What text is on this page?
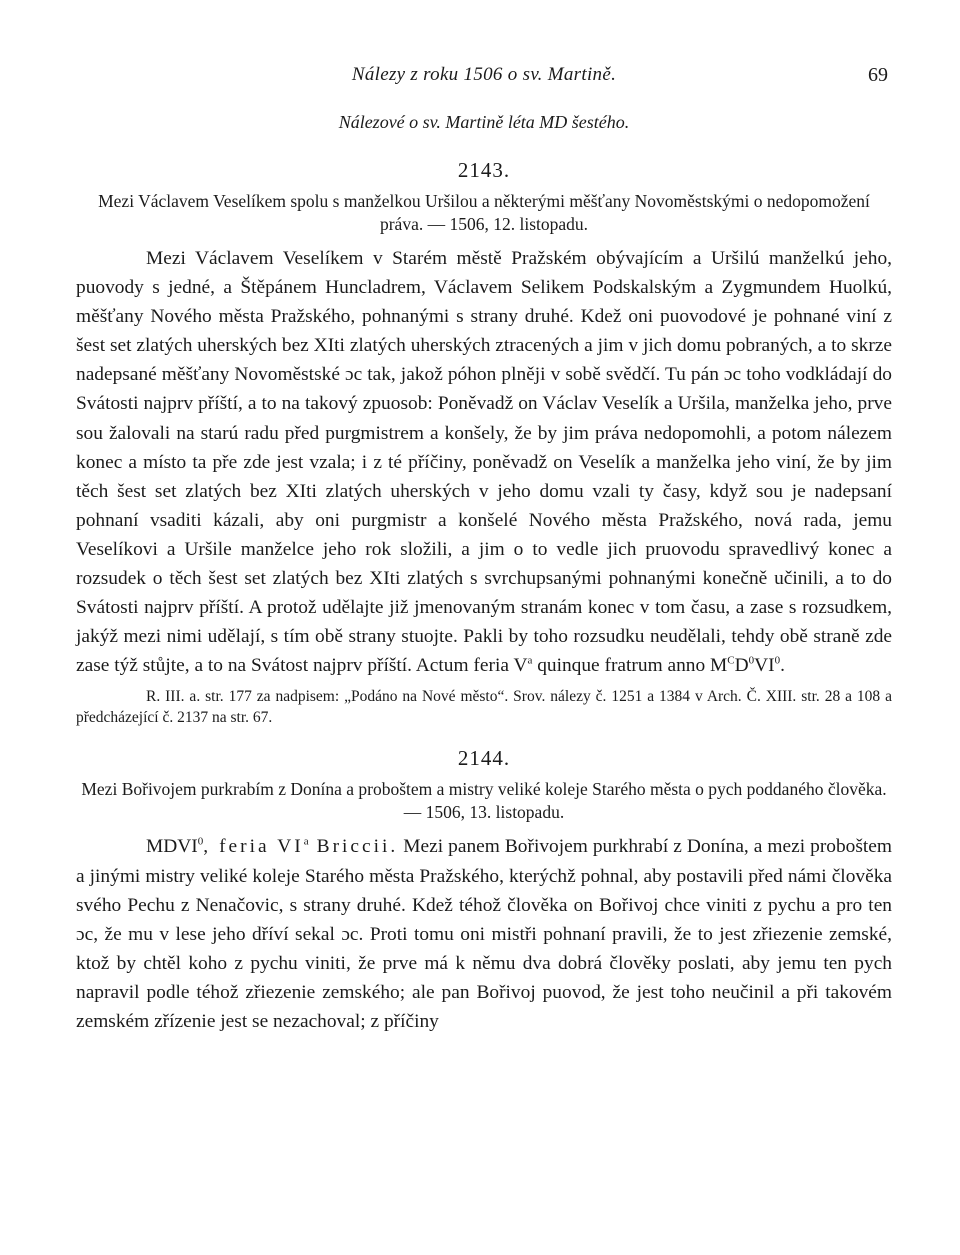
Nálezy z roku 1506 o sv. Martině.	69
Nálezové o sv. Martině léta MD šestého.
2143.
Mezi Václavem Veselíkem spolu s manželkou Uršilou a některými měšťany Novoměstskými o nedopomožení práva. — 1506, 12. listopadu.

Mezi Václavem Veselíkem v Starém městě Pražském obývajícím a Uršilú manželkú jeho, puovody s jedné, a Štěpánem Huncladrem, Václavem Selikem Podskalským a Zygmundem Huolkú, měšťany Nového města Pražského, pohnanými s strany druhé. Kdež oni puovodové je pohnané viní z šest set zlatých uherských bez XIti zlatých uherských ztracených a jim v jich domu pobraných, a to skrze nadepsané měšťany Novoměstské ɔc tak, jakož póhon plněji v sobě svědčí. Tu pán ɔc toho vodkládají do Svátosti najprv příští, a to na takový zpuosob: Poněvadž on Václav Veselík a Uršila, manželka jeho, prve sou žalovali na starú radu před purgmistrem a konšely, že by jim práva nedopomohli, a potom nálezem konec a místo ta pře zde jest vzala; i z té příčiny, poněvadž on Veselík a manželka jeho viní, že by jim těch šest set zlatých bez XIti zlatých uherských v jeho domu vzali ty časy, když sou je nadepsaní pohnaní vsaditi kázali, aby oni purgmistr a konšelé Nového města Pražského, nová rada, jemu Veselíkovi a Uršile manželce jeho rok složili, a jim o to vedle jich pruovodu spravedlivý konec a rozsudek o těch šest set zlatých bez XIti zlatých s svrchupsanými pohnanými konečně učinili, a to do Svátosti najprv příští. A protož udělajte již jmenovaným stranám konec v tom času, a zase s rozsudkem, jakýž mezi nimi udělají, s tím obě strany stuojte. Pakli by toho rozsudku neudělali, tehdy obě straně zde zase týž stůjte, a to na Svátost najprv příští. Actum feria $V^a$ quinque fratrum anno $M^CD^0VI^0$.

R. III. a. str. 177 za nadpisem: „Podáno na Nové město“. Srov. nálezy č. 1251 a 1384 v Arch. Č. XIII. str. 28 a 108 a předcházející č. 2137 na str. 67.

2144.
Mezi Bořivojem purkrabím z Donína a proboštem a mistry veliké koleje Starého města o pych poddaného člověka. — 1506, 13. listopadu.

MDVI$^0$, feria $VI^a$ Briccii. Mezi panem Bořivojem purkhrabí z Donína, a mezi proboštem a jinými mistry veliké koleje Starého města Pražského, kterýchž pohnal, aby postavili před námi člověka svého Pechu z Nenačovic, s strany druhé. Kdež téhož člověka on Bořivoj chce viniti z pychu a pro ten ɔc, že mu v lese jeho dříví sekal ɔc. Proti tomu oni mistři pohnaní pravili, že to jest zřiezenie zemské, ktož by chtěl koho z pychu viniti, že prve má k němu dva dobrá člověky poslati, aby jemu ten pych napravil podle téhož zřiezenie zemského; ale pan Bořivoj puovod, že jest toho neučinil a při takovém zemském zřízenie jest se nezachoval; z příčiny
